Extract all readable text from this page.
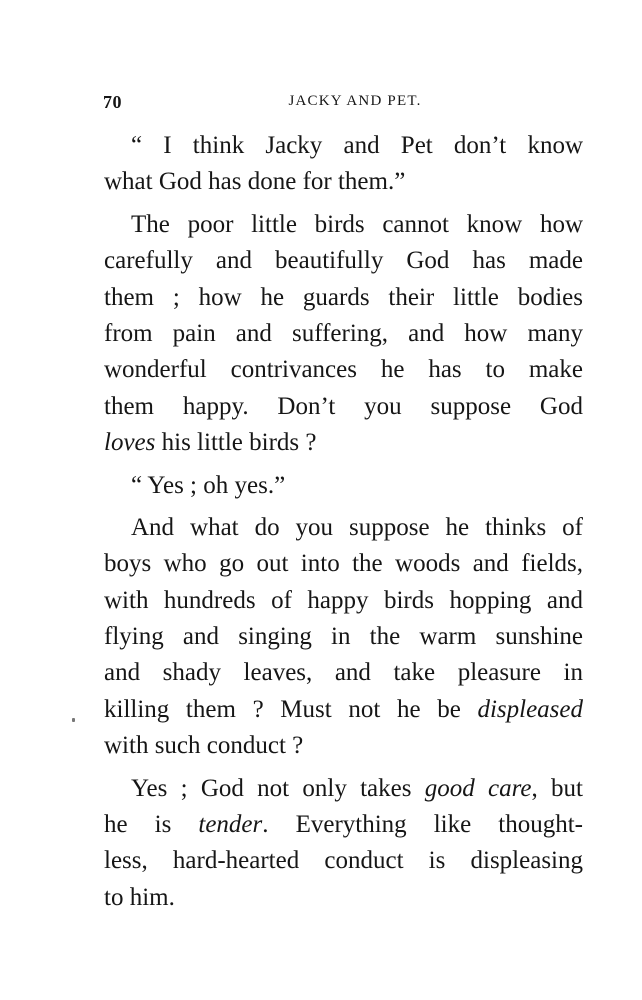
70	JACKY AND PET.

“ I think Jacky and Pet don’t know
what God has done for them.”

The poor little birds cannot know how
carefully and beautifully God has made
them ; how he guards their little bodies
from pain and suffering, and how many
wonderful contrivances he has to make
them happy. Don’t you suppose God
loves his little birds ?

“ Yes ; oh yes.”

And what do you suppose he thinks of
boys who go out into the woods and fields,
with hundreds of happy birds hopping and
flying and singing in the warm sunshine
and shady leaves, and take pleasure in
killing them ? Must not he be displeased
with such conduct ?

Yes ; God not only takes good care, but
he is tender. Everything like thought-
less, hard-hearted conduct is displeasing
to him.
